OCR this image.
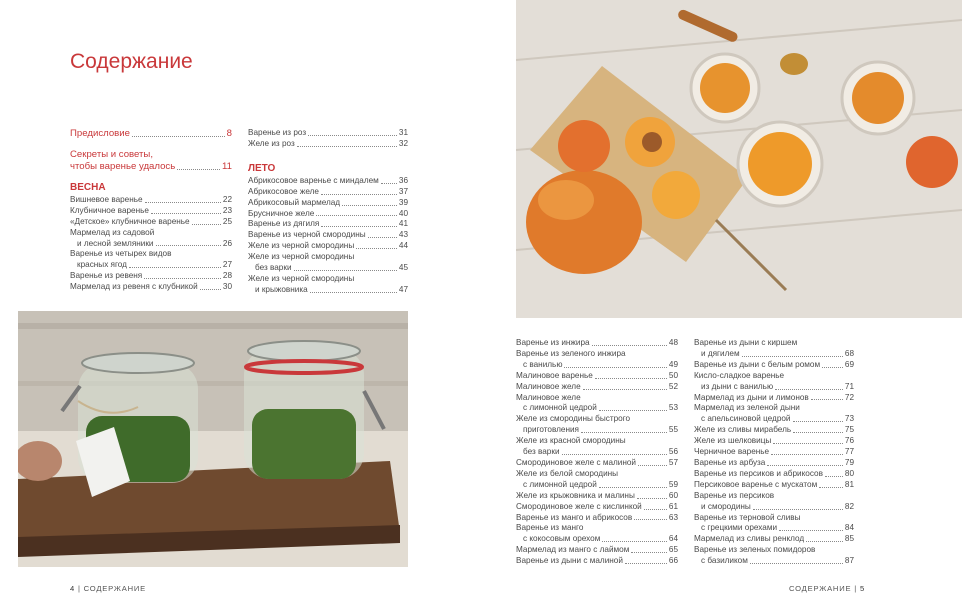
Содержание
Предисловие	8
Секреты и советы,
чтобы варенье удалось	11
ВЕСНА
Вишневое варенье	22
Клубничное варенье	23
«Детское» клубничное варенье	25
Мармелад из садовой
и лесной земляники	26
Варенье из четырех видов
красных ягод	27
Варенье из ревеня	28
Мармелад из ревеня с клубникой	30
Варенье из роз	31
Желе из роз	32
ЛЕТО
Абрикосовое варенье с миндалем 36
Абрикосовое желе	37
Абрикосовый мармелад	39
Брусничное желе	40
Варенье из дягиля	41
Варенье из черной смородины	43
Желе из черной смородины	44
Желе из черной смородины
без варки	45
Желе из черной смородины
и крыжовника	47
4 | СОДЕРЖАНИЕ	СОДЕРЖАНИЕ | 5
Варенье из инжира	48
Варенье из зеленого инжира
с ванилью	49
Малиновое варенье	50
Малиновое желе	52
Малиновое желе
с лимонной цедрой	53
Желе из смородины быстрого
приготовления	55
Желе из красной смородины
без варки	56
Смородиновое желе с малиной	57
Желе из белой смородины
с лимонной цедрой	59
Желе из крыжовника и малины	60
Смородиновое желе с кислинкой	61
Варенье из манго и абрикосов	63
Варенье из манго
с кокосовым орехом	64
Мармелад из манго с лаймом	65
Варенье из дыни с малиной	66
Варенье из дыни с киршем
и дягилем	68
Варенье из дыни с белым ромом	69
Кисло-сладкое варенье
из дыни с ванилью	71
Мармелад из дыни и лимонов	72
Мармелад из зеленой дыни
с апельсиновой цедрой	73
Желе из сливы мирабель	75
Желе из шелковицы	76
Черничное варенье	77
Варенье из арбуза	79
Варенье из персиков и абрикосов	80
Персиковое варенье с мускатом	81
Варенье из персиков
и смородины	82
Варенье из терновой сливы
с грецкими орехами	84
Мармелад из сливы ренклод	85
Варенье из зеленых помидоров
с базиликом	87
